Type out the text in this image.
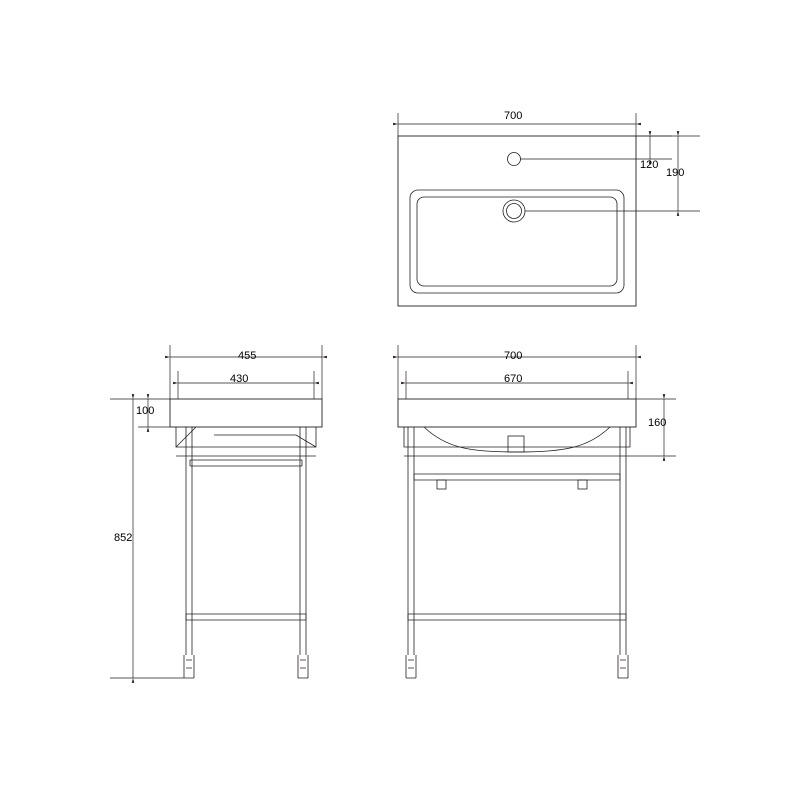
700
120
190
455
430
100
852
700
670
160
